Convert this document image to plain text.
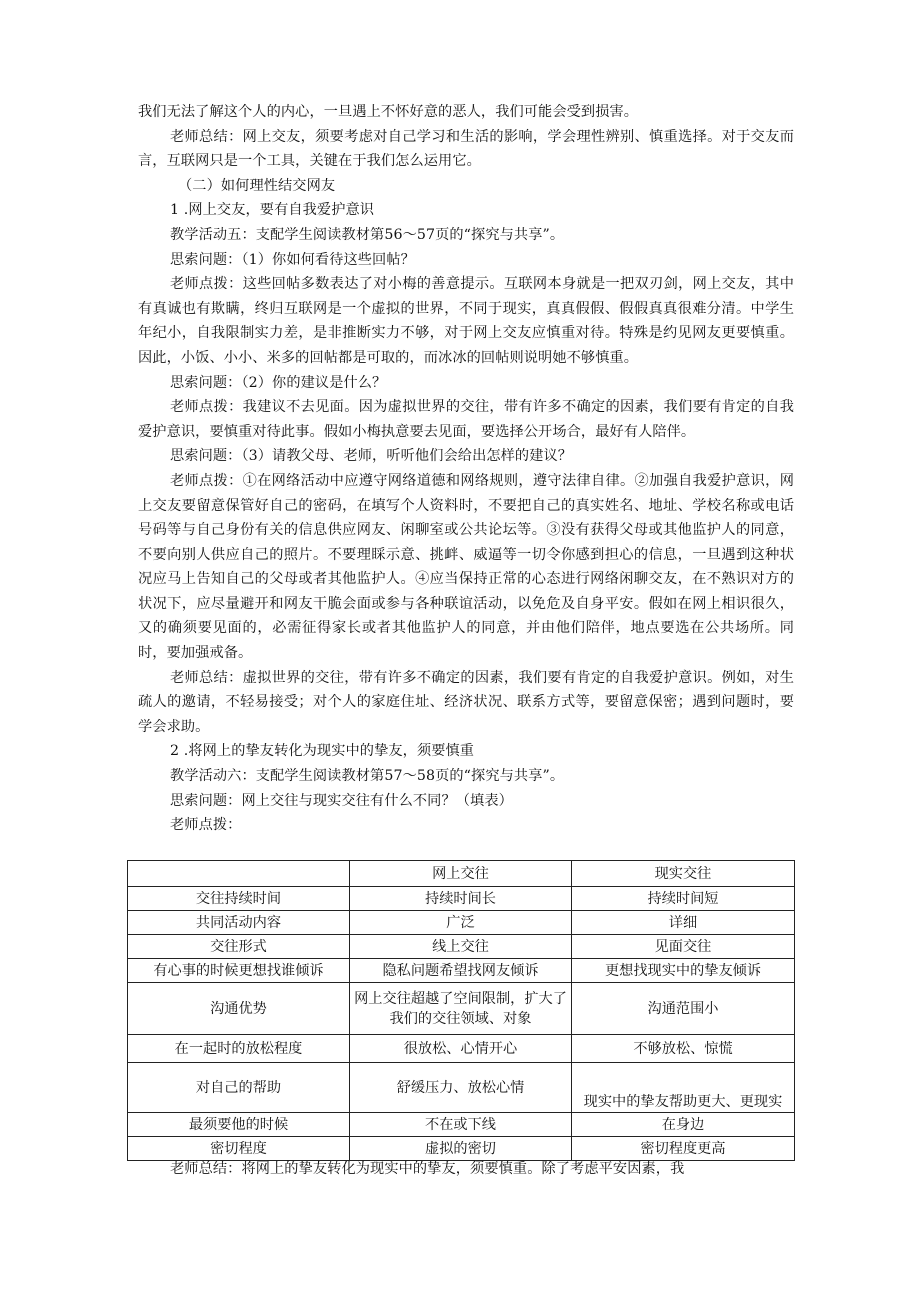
我们无法了解这个人的内心，一旦遇上不怀好意的恶人，我们可能会受到损害。

老师总结：网上交友，须要考虑对自己学习和生活的影响，学会理性辨别、慎重选择。对于交友而言，互联网只是一个工具，关键在于我们怎么运用它。

（二）如何理性结交网友

1 .网上交友，要有自我爱护意识

教学活动五：支配学生阅读教材第56～57页的“探究与共享”。

思索问题：（1）你如何看待这些回帖？

老师点拨：这些回帖多数表达了对小梅的善意提示。互联网本身就是一把双刃剑，网上交友，其中有真诚也有欺瞒，终归互联网是一个虚拟的世界，不同于现实，真真假假、假假真真很难分清。中学生年纪小，自我限制实力差，是非推断实力不够，对于网上交友应慎重对待。特殊是约见网友更要慎重。因此，小饭、小小、米多的回帖都是可取的，而冰冰的回帖则说明她不够慎重。

思索问题：（2）你的建议是什么？

老师点拨：我建议不去见面。因为虚拟世界的交往，带有许多不确定的因素，我们要有肯定的自我爱护意识，要慎重对待此事。假如小梅执意要去见面，要选择公开场合，最好有人陪伴。

思索问题：（3）请教父母、老师，听听他们会给出怎样的建议？

老师点拨：①在网络活动中应遵守网络道德和网络规则，遵守法律自律。②加强自我爱护意识，网上交友要留意保管好自己的密码，在填写个人资料时，不要把自己的真实姓名、地址、学校名称或电话号码等与自己身份有关的信息供应网友、闲聊室或公共论坛等。③没有获得父母或其他监护人的同意，不要向别人供应自己的照片。不要理睬示意、挑衅、威逼等一切令你感到担心的信息，一旦遇到这种状况应马上告知自己的父母或者其他监护人。④应当保持正常的心态进行网络闲聊交友，在不熟识对方的状况下，应尽量避开和网友干脆会面或参与各种联谊活动，以免危及自身平安。假如在网上相识很久，又的确须要见面的，必需征得家长或者其他监护人的同意，并由他们陪伴，地点要选在公共场所。同时，要加强戒备。

老师总结：虚拟世界的交往，带有许多不确定的因素，我们要有肯定的自我爱护意识。例如，对生疏人的邀请，不轻易接受；对个人的家庭住址、经济状况、联系方式等，要留意保密；遇到问题时，要学会求助。

2 .将网上的挚友转化为现实中的挚友，须要慎重

教学活动六：支配学生阅读教材第57～58页的“探究与共享”。

思索问题：网上交往与现实交往有什么不同？（填表）

老师点拨：

	网上交往	现实交往
交往持续时间	持续时间长	持续时间短
共同活动内容	广泛	详细
交往形式	线上交往	见面交往
有心事的时候更想找谁倾诉	隐私问题希望找网友倾诉	更想找现实中的挚友倾诉
沟通优势	网上交往超越了空间限制，扩大了我们的交往领域、对象	沟通范围小
在一起时的放松程度	很放松、心情开心	不够放松、惊慌
对自己的帮助	舒缓压力、放松心情	现实中的挚友帮助更大、更现实
最须要他的时候	不在或下线	在身边
密切程度	虚拟的密切	密切程度更高

老师总结：将网上的挚友转化为现实中的挚友，须要慎重。除了考虑平安因素，我
